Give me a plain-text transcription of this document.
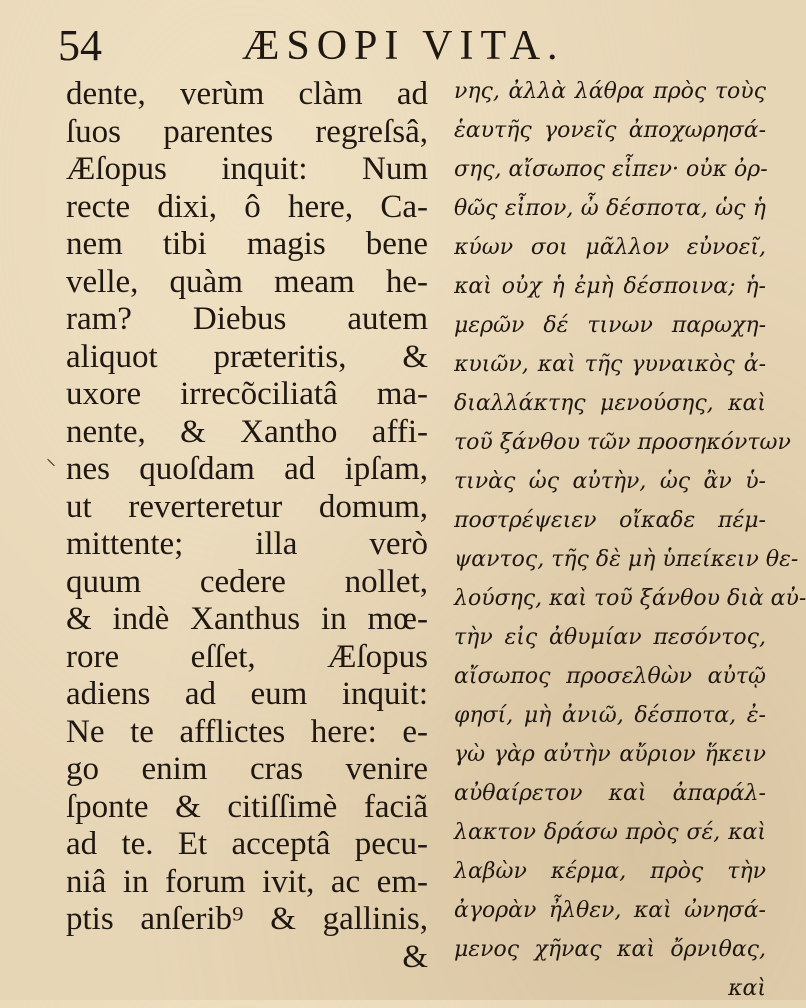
54	ÆSOPI VITA.
⸌
dente, verùm clàm ad
ſuos parentes regreſsâ,
Æſopus inquit: Num
recte dixi, ô here, Ca-
nem tibi magis bene
velle, quàm meam he-
ram? Diebus autem
aliquot præteritis, &
uxore irrecõciliatâ ma-
nente, & Xantho affi-
nes quoſdam ad ipſam,
ut reverteretur domum,
mittente; illa verò
quum cedere nollet,
& indè Xanthus in mœ-
rore eſſet, Æſopus
adiens ad eum inquit:
Ne te afflictes here: e-
go enim cras venire
ſponte & citiſſimè faciã
ad te. Et acceptâ pecu-
niâ in forum ivit, ac em-
ptis anſerib⁹ & gallinis,
&
νης, ἀλλὰ λάθρα πρὸς τοὺς
ἑαυτῆς γονεῖς ἀποχωρησά-
σης, αἴσωπος εἶπεν· οὐκ ὀρ-
θῶς εἶπον, ὦ δέσποτα, ὡς ἡ
κύων σοι μᾶλλον εὐνοεῖ,
καὶ οὐχ ἡ ἐμὴ δέσποινα; ἡ-
μερῶν δέ τινων παρωχη-
κυιῶν, καὶ τῆς γυναικὸς ἀ-
διαλλάκτης μενούσης, καὶ
τοῦ ξάνθου τῶν προσηκόντων
τινὰς ὡς αὐτὴν, ὡς ἂν ὑ-
ποστρέψειεν οἴκαδε πέμ-
ψαντος, τῆς δὲ μὴ ὑπείκειν θε-
λούσης, καὶ τοῦ ξάνθου διὰ αὐ-
τὴν εἰς ἀθυμίαν πεσόντος,
αἴσωπος προσελθὼν αὐτῷ
φησί, μὴ ἀνιῶ, δέσποτα, ἐ-
γὼ γὰρ αὐτὴν αὔριον ἥκειν
αὐθαίρετον καὶ ἀπαράλ-
λακτον δράσω πρὸς σέ, καὶ
λαβὼν κέρμα, πρὸς τὴν
ἀγορὰν ἦλθεν, καὶ ὠνησά-
μενος χῆνας καὶ ὄρνιθας,
καὶ
